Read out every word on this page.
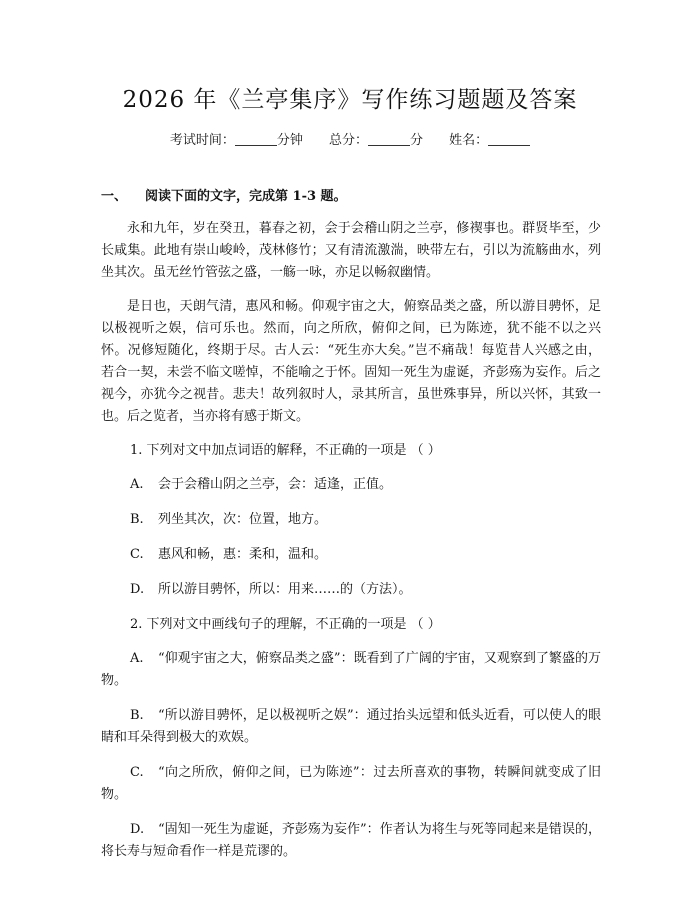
2026 年《兰亭集序》写作练习题题及答案
考试时间：	分钟 总分：	分 姓名：
一、 阅读下面的文字，完成第 1-3 题。

永和九年，岁在癸丑，暮春之初，会于会稽山阴之兰亭，修禊事也。群贤毕至，少长咸集。此地有崇山峻岭，茂林修竹；又有清流激湍，映带左右，引以为流觞曲水，列坐其次。虽无丝竹管弦之盛，一觞一咏，亦足以畅叙幽情。

是日也，天朗气清，惠风和畅。仰观宇宙之大，俯察品类之盛，所以游目骋怀，足以极视听之娱，信可乐也。然而，向之所欣，俯仰之间，已为陈迹，犹不能不以之兴怀。况修短随化，终期于尽。古人云：“死生亦大矣。”岂不痛哉！每览昔人兴感之由，若合一契，未尝不临文嗟悼，不能喻之于怀。固知一死生为虚诞，齐彭殇为妄作。后之视今，亦犹今之视昔。悲夫！故列叙时人，录其所言，虽世殊事异，所以兴怀，其致一也。后之览者，当亦将有感于斯文。

1. 下列对文中加点词语的解释，不正确的一项是 （ ）

A. 会于会稽山阴之兰亭，会：适逢，正值。

B. 列坐其次，次：位置，地方。

C. 惠风和畅，惠：柔和，温和。

D. 所以游目骋怀，所以：用来……的（方法）。

2. 下列对文中画线句子的理解，不正确的一项是 （ ）

A. “仰观宇宙之大，俯察品类之盛”：既看到了广阔的宇宙，又观察到了繁盛的万物。

B. “所以游目骋怀，足以极视听之娱”：通过抬头远望和低头近看，可以使人的眼睛和耳朵得到极大的欢娱。

C. “向之所欣，俯仰之间，已为陈迹”：过去所喜欢的事物，转瞬间就变成了旧物。

D. “固知一死生为虚诞，齐彭殇为妄作”：作者认为将生与死等同起来是错误的，将长寿与短命看作一样是荒谬的。
